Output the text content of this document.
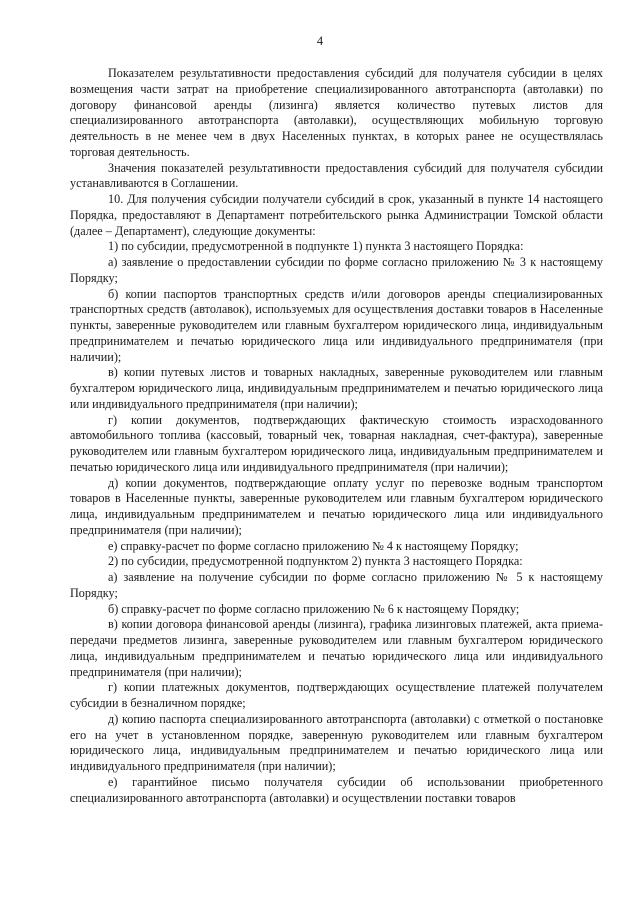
4

Показателем результативности предоставления субсидий для получателя субсидии в целях возмещения части затрат на приобретение специализированного автотранспорта (автолавки) по договору финансовой аренды (лизинга) является количество путевых листов для специализированного автотранспорта (автолавки), осуществляющих мобильную торговую деятельность в не менее чем в двух Населенных пунктах, в которых ранее не осуществлялась торговая деятельность.

Значения показателей результативности предоставления субсидий для получателя субсидии устанавливаются в Соглашении.

10. Для получения субсидии получатели субсидий в срок, указанный в пункте 14 настоящего Порядка, предоставляют в Департамент потребительского рынка Администрации Томской области (далее – Департамент), следующие документы:

1) по субсидии, предусмотренной в подпункте 1) пункта 3 настоящего Порядка:

а) заявление о предоставлении субсидии по форме согласно приложению № 3 к настоящему Порядку;

б) копии паспортов транспортных средств и/или договоров аренды специализированных транспортных средств (автолавок), используемых для осуществления доставки товаров в Населенные пункты, заверенные руководителем или главным бухгалтером юридического лица, индивидуальным предпринимателем и печатью юридического лица или индивидуального предпринимателя (при наличии);

в) копии путевых листов и товарных накладных, заверенные руководителем или главным бухгалтером юридического лица, индивидуальным предпринимателем и печатью юридического лица или индивидуального предпринимателя (при наличии);

г) копии документов, подтверждающих фактическую стоимость израсходованного автомобильного топлива (кассовый, товарный чек, товарная накладная, счет-фактура), заверенные руководителем или главным бухгалтером юридического лица, индивидуальным предпринимателем и печатью юридического лица или индивидуального предпринимателя (при наличии);

д) копии документов, подтверждающие оплату услуг по перевозке водным транспортом товаров в Населенные пункты, заверенные руководителем или главным бухгалтером юридического лица, индивидуальным предпринимателем и печатью юридического лица или индивидуального предпринимателя (при наличии);

е) справку-расчет по форме согласно приложению № 4 к настоящему Порядку;

2) по субсидии, предусмотренной подпунктом 2) пункта 3 настоящего Порядка:

а) заявление на получение субсидии по форме согласно приложению № 5 к настоящему Порядку;

б) справку-расчет по форме согласно приложению № 6 к настоящему Порядку;

в) копии договора финансовой аренды (лизинга), графика лизинговых платежей, акта приема-передачи предметов лизинга, заверенные руководителем или главным бухгалтером юридического лица, индивидуальным предпринимателем и печатью юридического лица или индивидуального предпринимателя (при наличии);

г) копии платежных документов, подтверждающих осуществление платежей получателем субсидии в безналичном порядке;

д) копию паспорта специализированного автотранспорта (автолавки) с отметкой о постановке его на учет в установленном порядке, заверенную руководителем или главным бухгалтером юридического лица, индивидуальным предпринимателем и печатью юридического лица или индивидуального предпринимателя (при наличии);

е) гарантийное письмо получателя субсидии об использовании приобретенного специализированного автотранспорта (автолавки) и осуществлении поставки товаров
